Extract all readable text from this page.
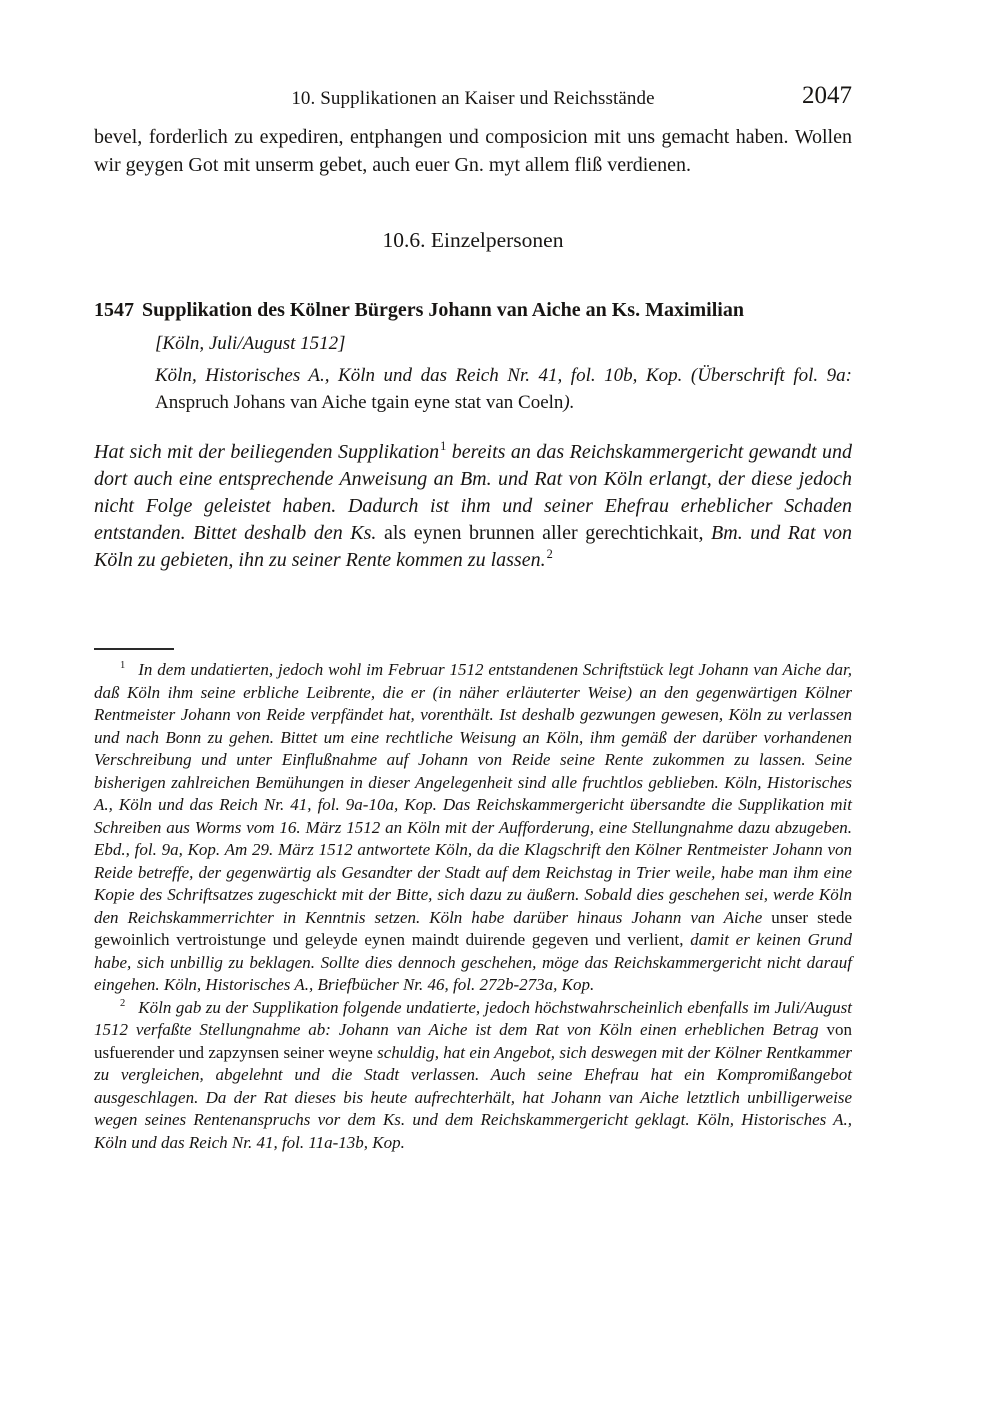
10. Supplikationen an Kaiser und Reichsstände	2047

bevel, forderlich zu expediren, entphangen und composicion mit uns gemacht haben. Wollen wir geygen Got mit unserm gebet, auch euer Gn. myt allem fliß verdienen.

10.6. Einzelpersonen
1547 Supplikation des Kölner Bürgers Johann van Aiche an Ks. Maximilian

[Köln, Juli/August 1512]

Köln, Historisches A., Köln und das Reich Nr. 41, fol. 10b, Kop. (Überschrift fol. 9a: Anspruch Johans van Aiche tgain eyne stat van Coeln).

Hat sich mit der beiliegenden Supplikation$^1$ bereits an das Reichskammergericht gewandt und dort auch eine entsprechende Anweisung an Bm. und Rat von Köln erlangt, der diese jedoch nicht Folge geleistet haben. Dadurch ist ihm und seiner Ehefrau erheblicher Schaden entstanden. Bittet deshalb den Ks. als eynen brunnen aller gerechtichkait, Bm. und Rat von Köln zu gebieten, ihn zu seiner Rente kommen zu lassen.$^2$

$^1$ In dem undatierten, jedoch wohl im Februar 1512 entstandenen Schriftstück legt Johann van Aiche dar, daß Köln ihm seine erbliche Leibrente, die er (in näher erläuterter Weise) an den gegenwärtigen Kölner Rentmeister Johann von Reide verpfändet hat, vorenthält. Ist deshalb gezwungen gewesen, Köln zu verlassen und nach Bonn zu gehen. Bittet um eine rechtliche Weisung an Köln, ihm gemäß der darüber vorhandenen Verschreibung und unter Einflußnahme auf Johann von Reide seine Rente zukommen zu lassen. Seine bisherigen zahlreichen Bemühungen in dieser Angelegenheit sind alle fruchtlos geblieben. Köln, Historisches A., Köln und das Reich Nr. 41, fol. 9a-10a, Kop. Das Reichskammergericht übersandte die Supplikation mit Schreiben aus Worms vom 16. März 1512 an Köln mit der Aufforderung, eine Stellungnahme dazu abzugeben. Ebd., fol. 9a, Kop. Am 29. März 1512 antwortete Köln, da die Klagschrift den Kölner Rentmeister Johann von Reide betreffe, der gegenwärtig als Gesandter der Stadt auf dem Reichstag in Trier weile, habe man ihm eine Kopie des Schriftsatzes zugeschickt mit der Bitte, sich dazu zu äußern. Sobald dies geschehen sei, werde Köln den Reichskammerrichter in Kenntnis setzen. Köln habe darüber hinaus Johann van Aiche unser stede gewoinlich vertroistunge und geleyde eynen maindt duirende gegeven und verlient, damit er keinen Grund habe, sich unbillig zu beklagen. Sollte dies dennoch geschehen, möge das Reichskammergericht nicht darauf eingehen. Köln, Historisches A., Briefbücher Nr. 46, fol. 272b-273a, Kop.

$^2$ Köln gab zu der Supplikation folgende undatierte, jedoch höchstwahrscheinlich ebenfalls im Juli/August 1512 verfaßte Stellungnahme ab: Johann van Aiche ist dem Rat von Köln einen erheblichen Betrag von usfuerender und zapzynsen seiner weyne schuldig, hat ein Angebot, sich deswegen mit der Kölner Rentkammer zu vergleichen, abgelehnt und die Stadt verlassen. Auch seine Ehefrau hat ein Kompromißangebot ausgeschlagen. Da der Rat dieses bis heute aufrechterhält, hat Johann van Aiche letztlich unbilligerweise wegen seines Rentenanspruchs vor dem Ks. und dem Reichskammergericht geklagt. Köln, Historisches A., Köln und das Reich Nr. 41, fol. 11a-13b, Kop.
